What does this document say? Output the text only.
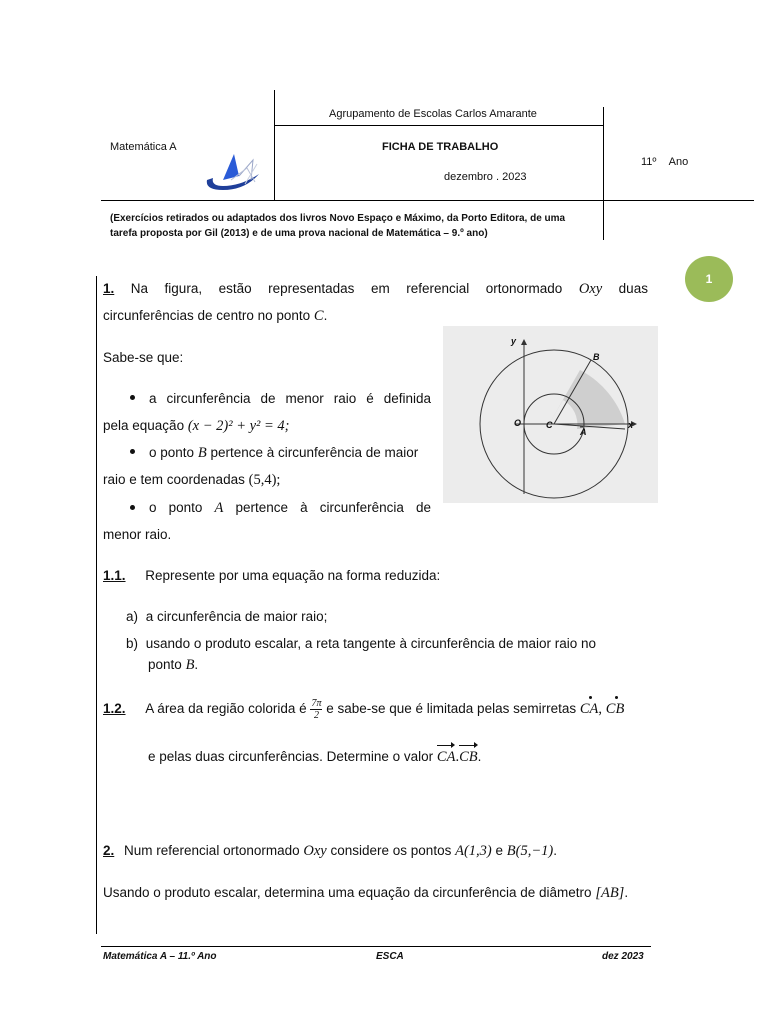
Agrupamento de Escolas Carlos Amarante
Matemática A	FICHA DE TRABALHO
dezembro . 2023
11º Ano
(Exercícios retirados ou adaptados dos livros Novo Espaço e Máximo, da Porto Editora, de uma tarefa proposta por Gil (2013) e de uma prova nacional de Matemática – 9.º ano)
1
1. Na figura, estão representadas em referencial ortonormado Oxy duas
circunferências de centro no ponto C.
Sabe-se que:
a circunferência de menor raio é definida
pela equação (x − 2)² + y² = 4;
o ponto B pertence à circunferência de maior
raio e tem coordenadas (5,4);
o ponto A pertence à circunferência de
menor raio.
y
x
O	C
A
B
1.1. Represente por uma equação na forma reduzida:
a) a circunferência de maior raio;
b) usando o produto escalar, a reta tangente à circunferência de maior raio no
ponto B.
1.2. A área da região colorida é $\frac{7\pi}{2}$ e sabe-se que é limitada pelas semirretas CA, CB
e pelas duas circunferências. Determine o valor CA.CB.
2. Num referencial ortonormado Oxy considere os pontos A(1,3) e B(5,−1).
Usando o produto escalar, determina uma equação da circunferência de diâmetro [AB].
Matemática A – 11.º Ano	ESCA	dez 2023
